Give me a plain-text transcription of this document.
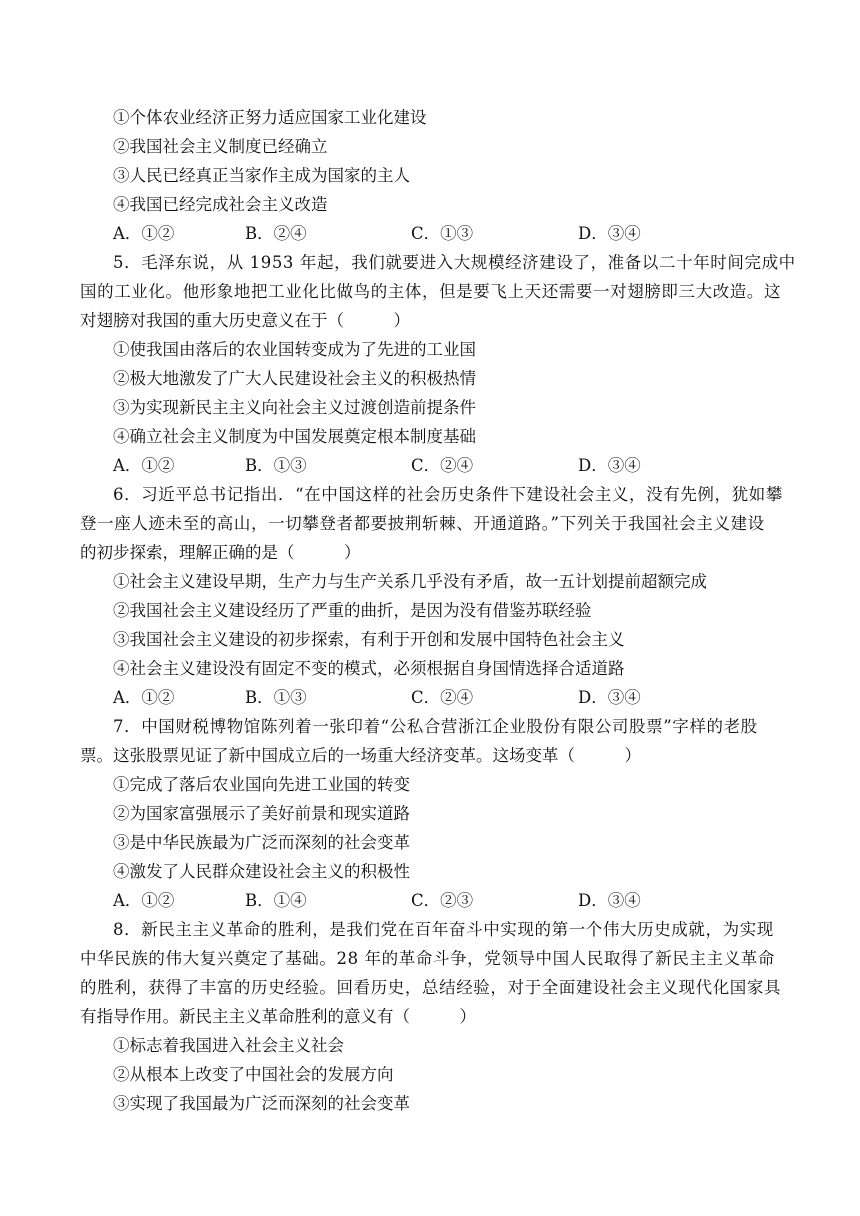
①个体农业经济正努力适应国家工业化建设
②我国社会主义制度已经确立
③人民已经真正当家作主成为国家的主人
④我国已经完成社会主义改造
A．①②	B．②④	C．①③	D．③④
5．毛泽东说，从 1953 年起，我们就要进入大规模经济建设了，准备以二十年时间完成中
国的工业化。他形象地把工业化比做鸟的主体，但是要飞上天还需要一对翅膀即三大改造。这
对翅膀对我国的重大历史意义在于（　　　）
①使我国由落后的农业国转变成为了先进的工业国
②极大地激发了广大人民建设社会主义的积极热情
③为实现新民主主义向社会主义过渡创造前提条件
④确立社会主义制度为中国发展奠定根本制度基础
A．①②	B．①③	C．②④	D．③④
6．习近平总书记指出．“在中国这样的社会历史条件下建设社会主义，没有先例，犹如攀
登一座人迹未至的高山，一切攀登者都要披荆斩棘、开通道路。”下列关于我国社会主义建设
的初步探索，理解正确的是（　　　）
①社会主义建设早期，生产力与生产关系几乎没有矛盾，故一五计划提前超额完成
②我国社会主义建设经历了严重的曲折，是因为没有借鉴苏联经验
③我国社会主义建设的初步探索，有利于开创和发展中国特色社会主义
④社会主义建设没有固定不变的模式，必须根据自身国情选择合适道路
A．①②	B．①③	C．②④	D．③④
7．中国财税博物馆陈列着一张印着“公私合营浙江企业股份有限公司股票”字样的老股
票。这张股票见证了新中国成立后的一场重大经济变革。这场变革（　　　）
①完成了落后农业国向先进工业国的转变
②为国家富强展示了美好前景和现实道路
③是中华民族最为广泛而深刻的社会变革
④激发了人民群众建设社会主义的积极性
A．①②	B．①④	C．②③	D．③④
8．新民主主义革命的胜利，是我们党在百年奋斗中实现的第一个伟大历史成就，为实现
中华民族的伟大复兴奠定了基础。28 年的革命斗争，党领导中国人民取得了新民主主义革命
的胜利，获得了丰富的历史经验。回看历史，总结经验，对于全面建设社会主义现代化国家具
有指导作用。新民主主义革命胜利的意义有（　　　）
①标志着我国进入社会主义社会
②从根本上改变了中国社会的发展方向
③实现了我国最为广泛而深刻的社会变革
